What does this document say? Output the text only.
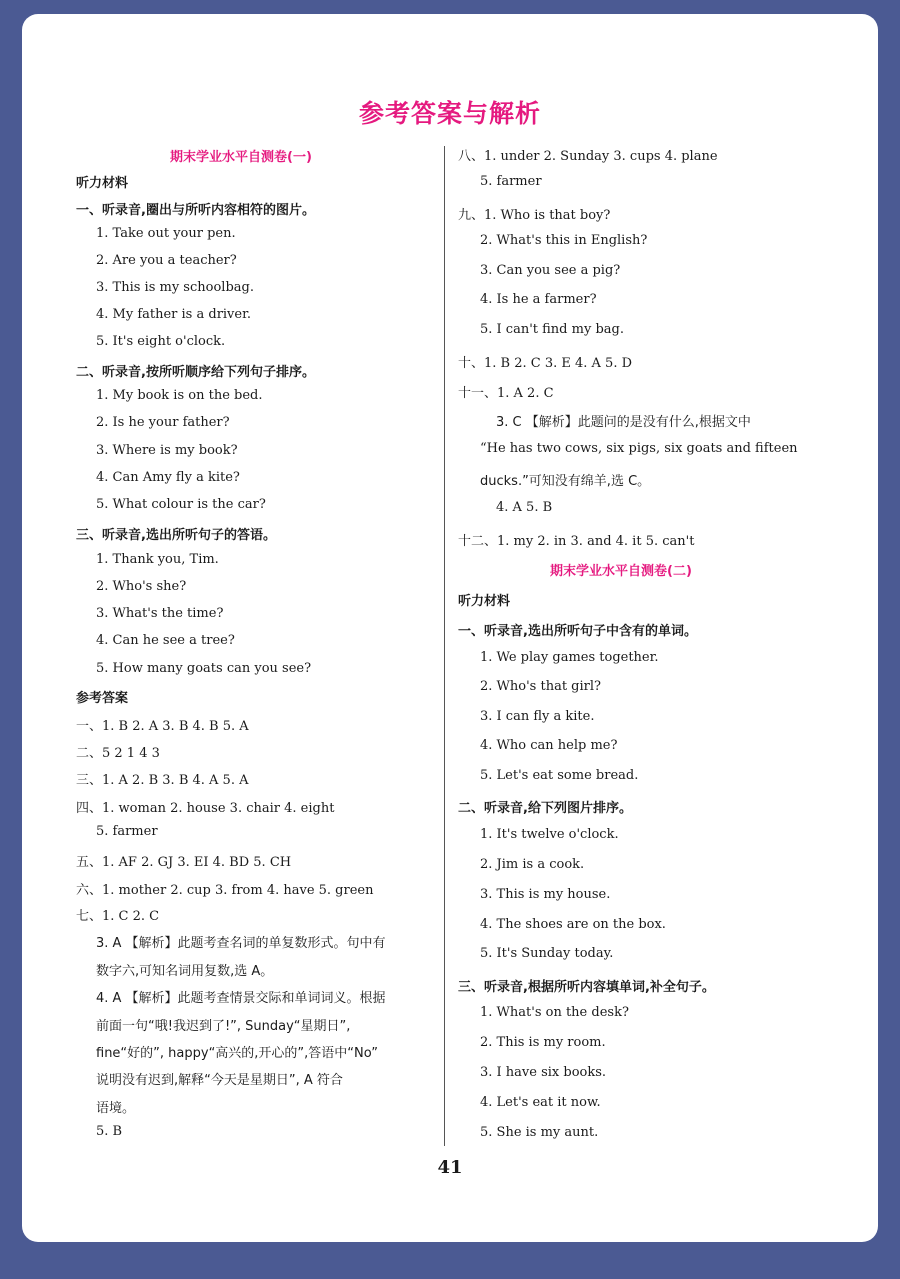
参考答案与解析
期末学业水平自测卷(一)
听力材料
一、听录音,圈出与所听内容相符的图片。
1. Take out your pen.
2. Are you a teacher?
3. This is my schoolbag.
4. My father is a driver.
5. It's eight o'clock.
二、听录音,按所听顺序给下列句子排序。
1. My book is on the bed.
2. Is he your father?
3. Where is my book?
4. Can Amy fly a kite?
5. What colour is the car?
三、听录音,选出所听句子的答语。
1. Thank you, Tim.
2. Who's she?
3. What's the time?
4. Can he see a tree?
5. How many goats can you see?
参考答案
一、1. B 2. A 3. B 4. B 5. A
二、5 2 1 4 3
三、1. A 2. B 3. B 4. A 5. A
四、1. woman 2. house 3. chair 4. eight
5. farmer
五、1. AF 2. GJ 3. EI 4. BD 5. CH
六、1. mother 2. cup 3. from 4. have 5. green
七、1. C 2. C
3. A 【解析】此题考查名词的单复数形式。句中有
数字六,可知名词用复数,选 A。
4. A 【解析】此题考查情景交际和单词词义。根据
前面一句“哦!我迟到了!”, Sunday“星期日”,
fine“好的”, happy“高兴的,开心的”,答语中“No”
说明没有迟到,解释“今天是星期日”, A 符合
语境。
5. B
八、1. under 2. Sunday 3. cups 4. plane
5. farmer
九、1. Who is that boy?
2. What's this in English?
3. Can you see a pig?
4. Is he a farmer?
5. I can't find my bag.
十、1. B 2. C 3. E 4. A 5. D
十一、1. A 2. C
3. C 【解析】此题问的是没有什么,根据文中
“He has two cows, six pigs, six goats and fifteen
ducks.”可知没有绵羊,选 C。
4. A 5. B
十二、1. my 2. in 3. and 4. it 5. can't
期末学业水平自测卷(二)
听力材料
一、听录音,选出所听句子中含有的单词。
1. We play games together.
2. Who's that girl?
3. I can fly a kite.
4. Who can help me?
5. Let's eat some bread.
二、听录音,给下列图片排序。
1. It's twelve o'clock.
2. Jim is a cook.
3. This is my house.
4. The shoes are on the box.
5. It's Sunday today.
三、听录音,根据所听内容填单词,补全句子。
1. What's on the desk?
2. This is my room.
3. I have six books.
4. Let's eat it now.
5. She is my aunt.
41
